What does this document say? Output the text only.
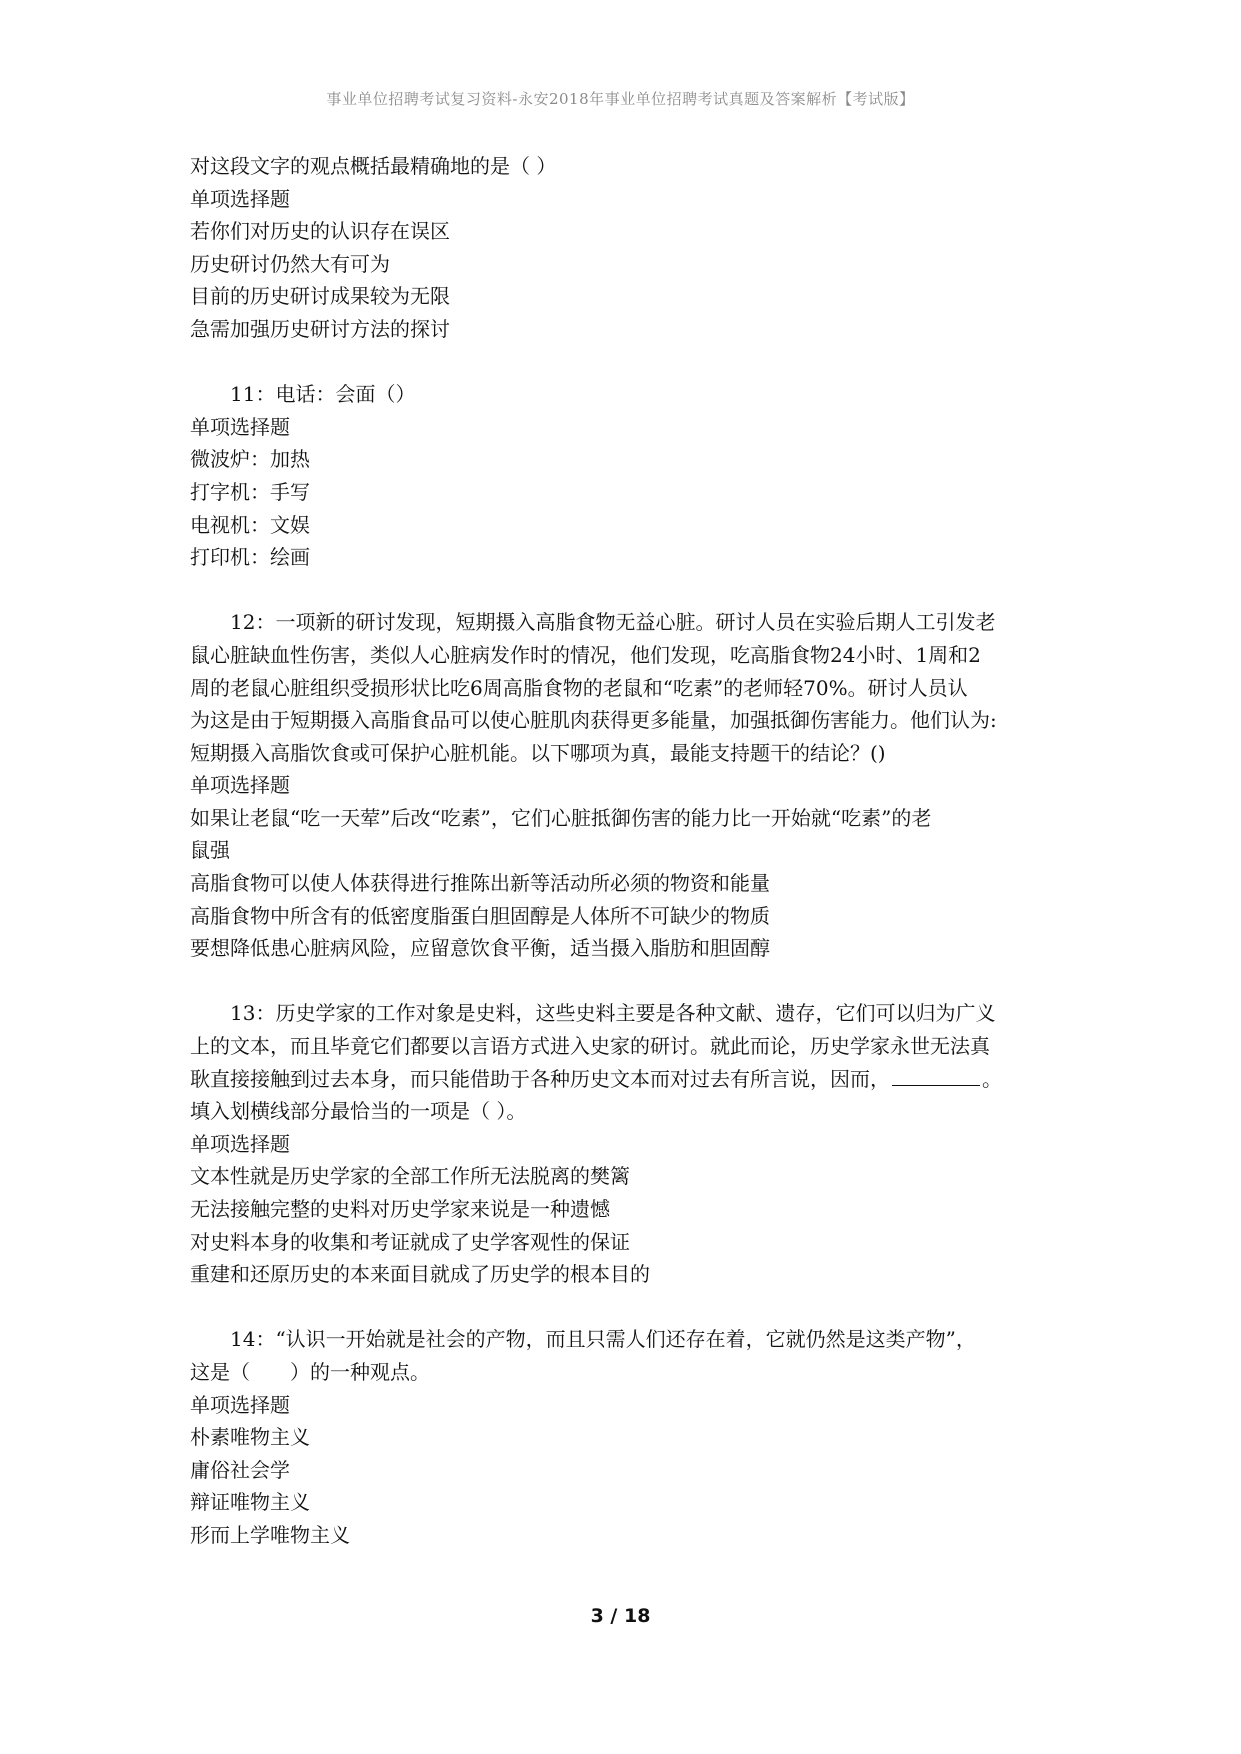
事业单位招聘考试复习资料-永安2018年事业单位招聘考试真题及答案解析【考试版】
对这段文字的观点概括最精确地的是（ ）
单项选择题
若你们对历史的认识存在误区
历史研讨仍然大有可为
目前的历史研讨成果较为无限
急需加强历史研讨方法的探讨
11：电话：会面（）
单项选择题
微波炉：加热
打字机：手写
电视机：文娱
打印机：绘画
12：一项新的研讨发现，短期摄入高脂食物无益心脏。研讨人员在实验后期人工引发老
鼠心脏缺血性伤害，类似人心脏病发作时的情况，他们发现，吃高脂食物24小时、1周和2
周的老鼠心脏组织受损形状比吃6周高脂食物的老鼠和“吃素”的老师轻70%。研讨人员认
为这是由于短期摄入高脂食品可以使心脏肌肉获得更多能量，加强抵御伤害能力。他们认为:
短期摄入高脂饮食或可保护心脏机能。以下哪项为真，最能支持题干的结论？()
单项选择题
如果让老鼠“吃一天荤”后改“吃素”，它们心脏抵御伤害的能力比一开始就“吃素”的老
鼠强
高脂食物可以使人体获得进行推陈出新等活动所必须的物资和能量
高脂食物中所含有的低密度脂蛋白胆固醇是人体所不可缺少的物质
要想降低患心脏病风险，应留意饮食平衡，适当摄入脂肪和胆固醇
13：历史学家的工作对象是史料，这些史料主要是各种文献、遗存，它们可以归为广义
上的文本，而且毕竟它们都要以言语方式进入史家的研讨。就此而论，历史学家永世无法真
耿直接接触到过去本身，而只能借助于各种历史文本而对过去有所言说，因而，	。
填入划横线部分最恰当的一项是（ ）。
单项选择题
文本性就是历史学家的全部工作所无法脱离的樊篱
无法接触完整的史料对历史学家来说是一种遗憾
对史料本身的收集和考证就成了史学客观性的保证
重建和还原历史的本来面目就成了历史学的根本目的
14：“认识一开始就是社会的产物，而且只需人们还存在着，它就仍然是这类产物”，
这是（　　）的一种观点。
单项选择题
朴素唯物主义
庸俗社会学
辩证唯物主义
形而上学唯物主义
3 / 18
